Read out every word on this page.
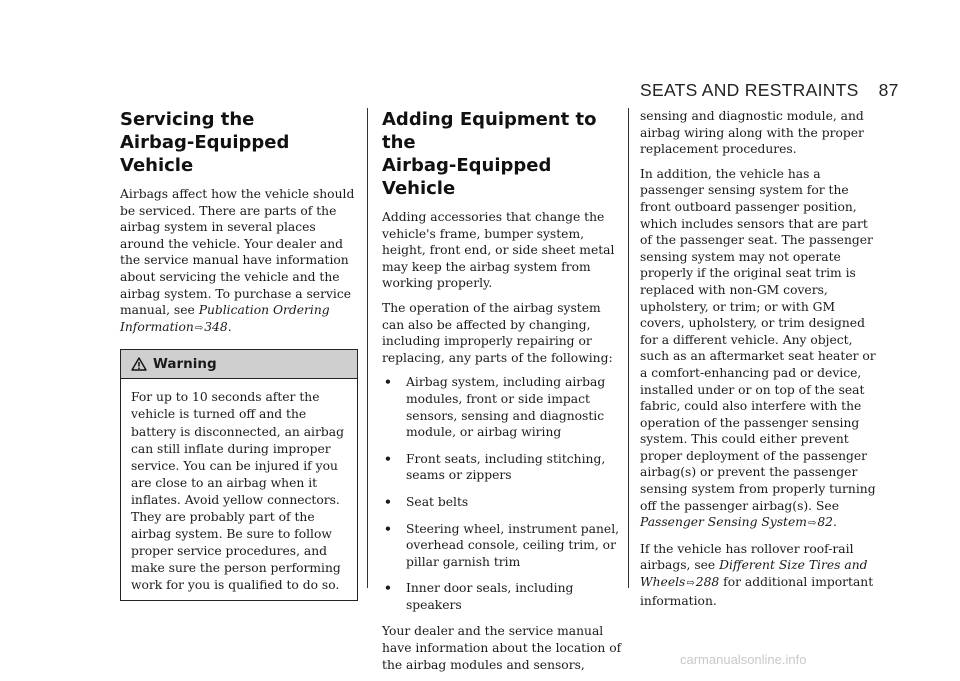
SEATS AND RESTRAINTS 87
Servicing the
Airbag-Equipped Vehicle

Airbags affect how the vehicle should be serviced. There are parts of the airbag system in several places around the vehicle. Your dealer and the service manual have information about servicing the vehicle and the airbag system. To purchase a service manual, see Publication Ordering Information⇨348.

Warning

For up to 10 seconds after the vehicle is turned off and the battery is disconnected, an airbag can still inflate during improper service. You can be injured if you are close to an airbag when it inflates. Avoid yellow connectors. They are probably part of the airbag system. Be sure to follow proper service procedures, and make sure the person performing work for you is qualified to do so.

Adding Equipment to the
Airbag-Equipped Vehicle

Adding accessories that change the vehicle's frame, bumper system, height, front end, or side sheet metal may keep the airbag system from working properly.

The operation of the airbag system can also be affected by changing, including improperly repairing or replacing, any parts of the following:

• Airbag system, including airbag modules, front or side impact sensors, sensing and diagnostic module, or airbag wiring
• Front seats, including stitching, seams or zippers
• Seat belts
• Steering wheel, instrument panel, overhead console, ceiling trim, or pillar garnish trim
• Inner door seals, including speakers

Your dealer and the service manual have information about the location of the airbag modules and sensors,

sensing and diagnostic module, and airbag wiring along with the proper replacement procedures.

In addition, the vehicle has a passenger sensing system for the front outboard passenger position, which includes sensors that are part of the passenger seat. The passenger sensing system may not operate properly if the original seat trim is replaced with non-GM covers, upholstery, or trim; or with GM covers, upholstery, or trim designed for a different vehicle. Any object, such as an aftermarket seat heater or a comfort-enhancing pad or device, installed under or on top of the seat fabric, could also interfere with the operation of the passenger sensing system. This could either prevent proper deployment of the passenger airbag(s) or prevent the passenger sensing system from properly turning off the passenger airbag(s). See Passenger Sensing System⇨82.

If the vehicle has rollover roof-rail airbags, see Different Size Tires and Wheels⇨288 for additional important information.

carmanualsonline.info
